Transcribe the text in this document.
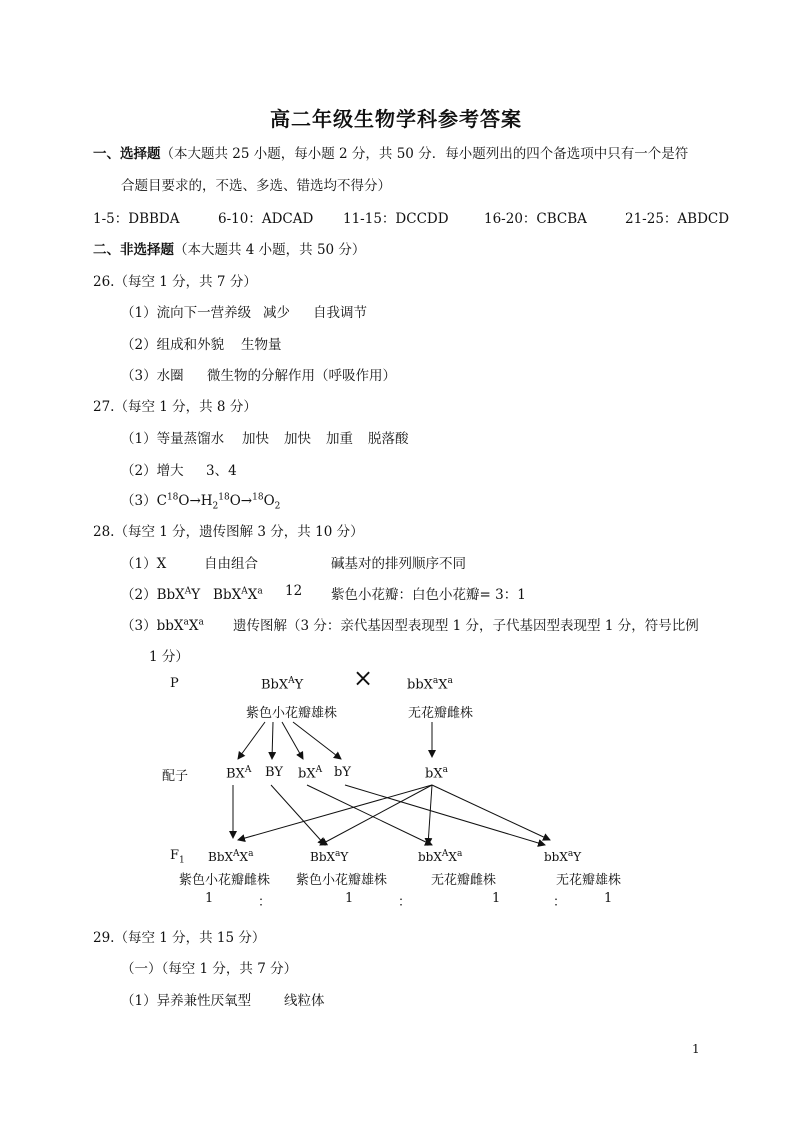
高二年级生物学科参考答案
一、选择题（本大题共 25 小题，每小题 2 分，共 50 分．每小题列出的四个备选项中只有一个是符
合题目要求的，不选、多选、错选均不得分）
1-5：DBBDA	6-10：ADCAD 11-15：DCCDD	16-20：CBCBA	21-25：ABDCD
二、非选择题（本大题共 4 小题，共 50 分）
26.（每空 1 分，共 7 分）
（1）流向下一营养级 减少 自我调节
（2）组成和外貌 生物量
（3）水圈 微生物的分解作用（呼吸作用）
27.（每空 1 分，共 8 分）
（1）等量蒸馏水 加快 加快 加重 脱落酸
（2）增大 3、4
$(3)C^{18}O\to H_2^{18}O\to^{18}O_2$
28.（每空 1 分，遗传图解 3 分，共 10 分）
（1）X	自由组合	碱基对的排列顺序不同
（2）BbX$^A$Y   $BbX^AX^a$ 12 紫色小花瓣：白色小花瓣= 3：1
$(3)bbX^aX^a$ 遗传图解（3 分：亲代基因型表现型 1 分，子代基因型表现型 1 分，符号比例
1 分）
P	BbX$^A$Y ×	$bbX^aX^a$
紫色小花瓣雄株	无花瓣雌株
配子	$BX^A$ BY $bX^A$ bY	$bX^a$
$F_1$ $BbX^AX^a$	BbX$^a$Y	$bbX^AX^a$	bbX$^a$Y
紫色小花瓣雌株 紫色小花瓣雄株	无花瓣雌株	无花瓣雄株
1	：	1	：	1	：	1
29.（每空 1 分，共 15 分）
（一）（每空 1 分，共 7 分）
（1）异养兼性厌氧型 线粒体
1
